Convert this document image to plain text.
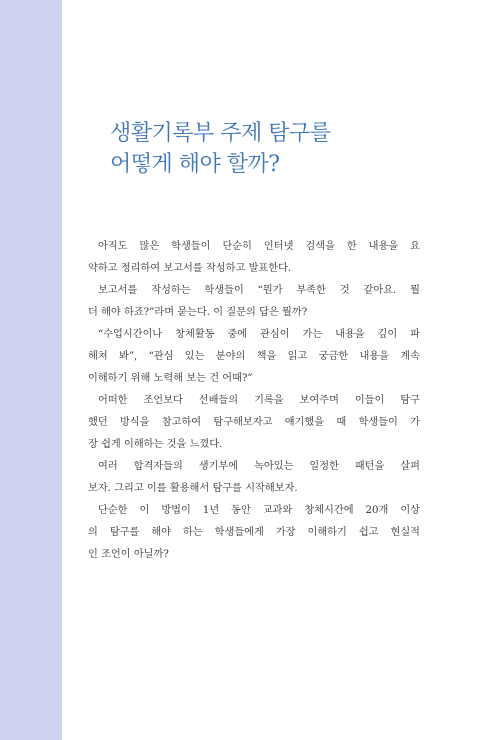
생활기록부 주제 탐구를
어떻게 해야 할까?
아직도 많은 학생들이 단순히 인터넷 검색을 한 내용을 요
약하고 정리하여 보고서를 작성하고 발표한다.
보고서를 작성하는 학생들이 “뭔가 부족한 것 같아요. 뭘
더 해야 하죠?”라며 묻는다. 이 질문의 답은 뭘까?
“수업시간이나 창체활동 중에 관심이 가는 내용을 깊이 파
헤쳐 봐”, “관심 있는 분야의 책을 읽고 궁금한 내용을 계속
이해하기 위해 노력해 보는 건 어때?”
어떠한 조언보다 선배들의 기록을 보여주며 이들이 탐구
했던 방식을 참고하여 탐구해보자고 얘기했을 때 학생들이 가
장 쉽게 이해하는 것을 느꼈다.
여러 합격자들의 생기부에 녹아있는 일정한 패턴을 살펴
보자. 그리고 이를 활용해서 탐구를 시작해보자.
단순한 이 방법이 1년 동안 교과와 창체시간에 20개 이상
의 탐구를 해야 하는 학생들에게 가장 이해하기 쉽고 현실적
인 조언이 아닐까?
